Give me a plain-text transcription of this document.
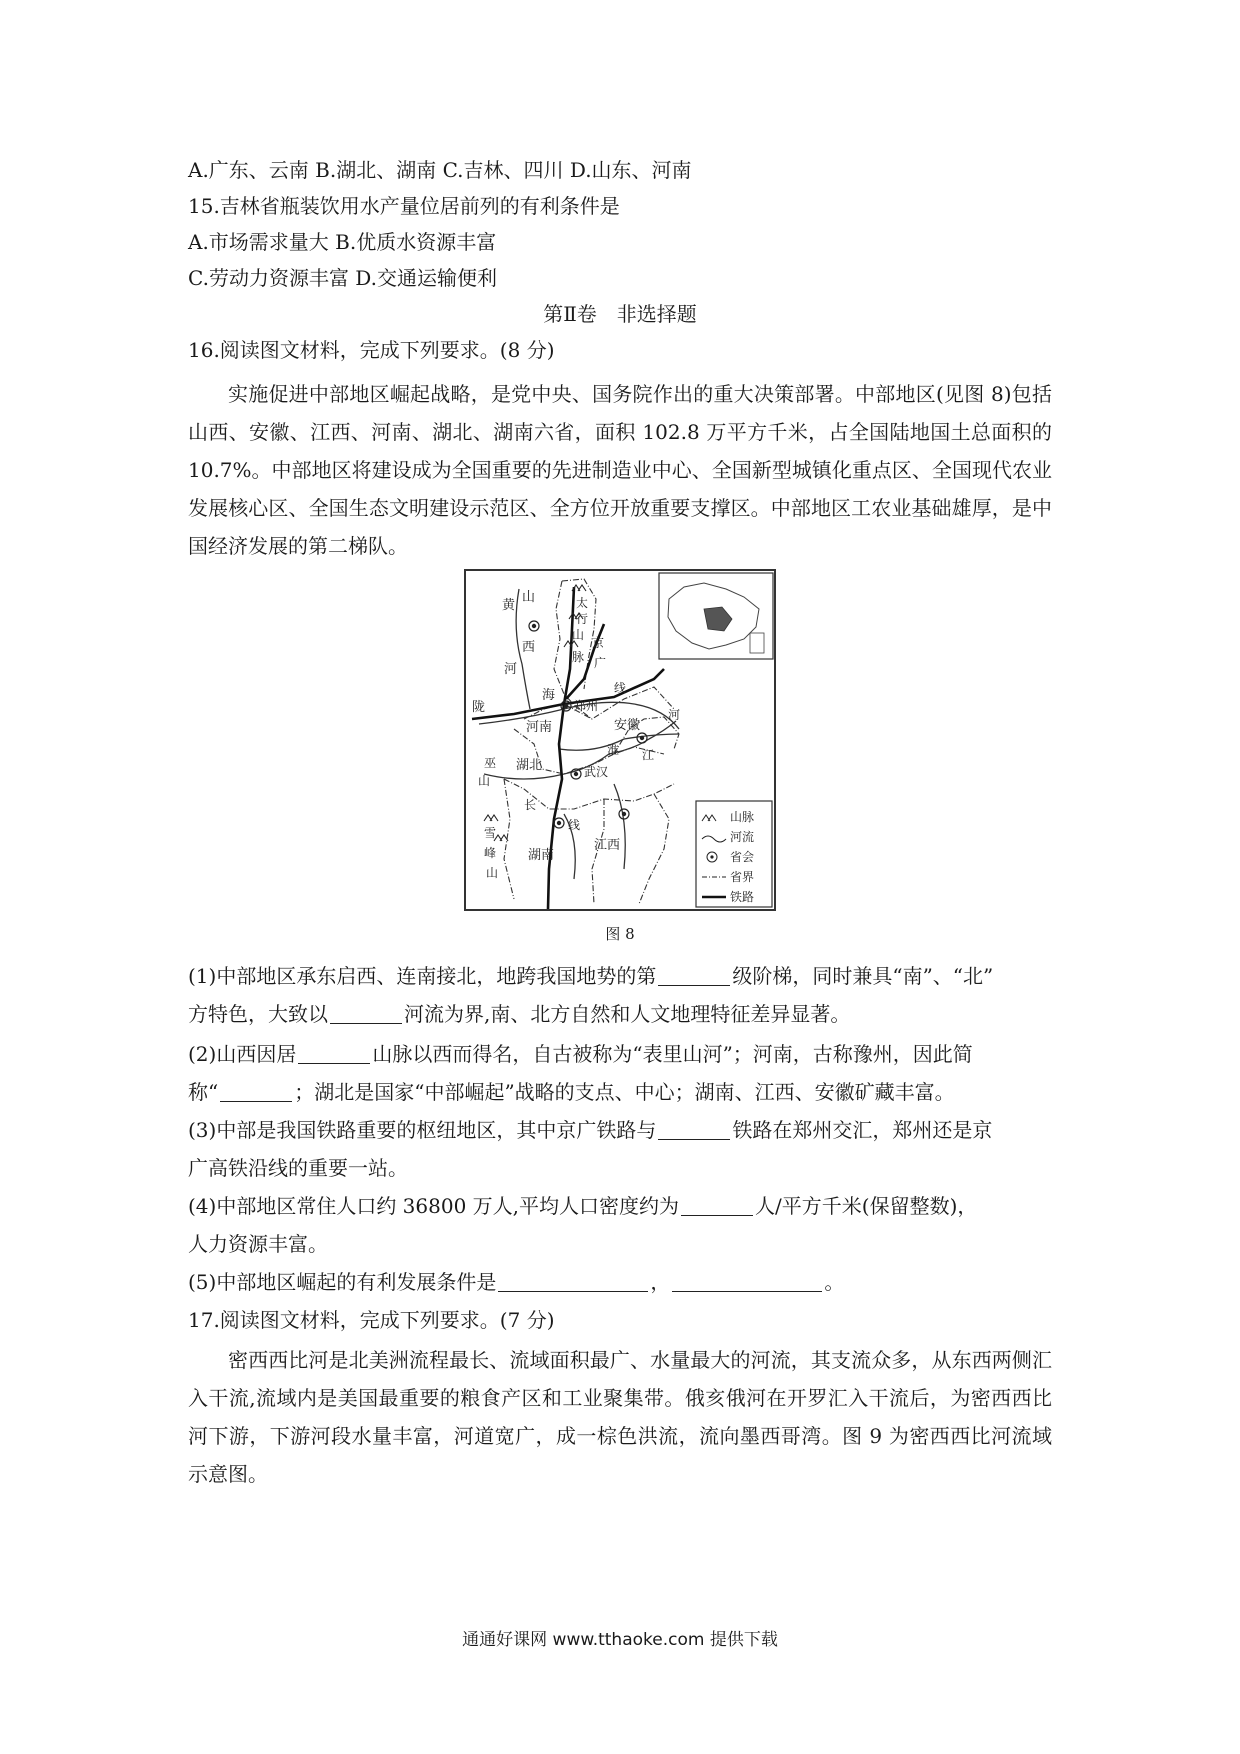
A.广东、云南 B.湖北、湖南 C.吉林、四川 D.山东、河南
15.吉林省瓶装饮用水产量位居前列的有利条件是
A.市场需求量大 B.优质水资源丰富
C.劳动力资源丰富 D.交通运输便利
第Ⅱ卷　非选择题
16.阅读图文材料，完成下列要求。(8 分)
实施促进中部地区崛起战略，是党中央、国务院作出的重大决策部署。中部地区(见图 8)包括山西、安徽、江西、河南、湖北、湖南六省，面积 102.8 万平方千米，占全国陆地国土总面积的 10.7%。中部地区将建设成为全国重要的先进制造业中心、全国新型城镇化重点区、全国现代农业发展核心区、全国生态文明建设示范区、全方位开放重要支撑区。中部地区工农业基础雄厚，是中国经济发展的第二梯队。
山
西
太
行
山
脉
黄
河
京
广
陇
海	线
郑州
河南	安徽
淮
河
湖北	武汉
江
巫
山
长
线
雪
峰
山
湖南
江西
山脉
河流
省会
省界
铁路
图 8
(1)中部地区承东启西、连南接北，地跨我国地势的第	级阶梯，同时兼具“南”、“北”
方特色，大致以	河流为界,南、北方自然和人文地理特征差异显著。
(2)山西因居	山脉以西而得名，自古被称为“表里山河”；河南，古称豫州，因此简
称“	；湖北是国家“中部崛起”战略的支点、中心；湖南、江西、安徽矿藏丰富。
(3)中部是我国铁路重要的枢纽地区，其中京广铁路与	铁路在郑州交汇，郑州还是京
广高铁沿线的重要一站。
(4)中部地区常住人口约 36800 万人,平均人口密度约为	人/平方千米(保留整数)，
人力资源丰富。
(5)中部地区崛起的有利发展条件是	，	。
17.阅读图文材料，完成下列要求。(7 分)
密西西比河是北美洲流程最长、流域面积最广、水量最大的河流，其支流众多，从东西两侧汇入干流,流域内是美国最重要的粮食产区和工业聚集带。俄亥俄河在开罗汇入干流后，为密西西比河下游，下游河段水量丰富，河道宽广，成一棕色洪流，流向墨西哥湾。图 9 为密西西比河流域示意图。
通通好课网 www.tthaoke.com 提供下载
